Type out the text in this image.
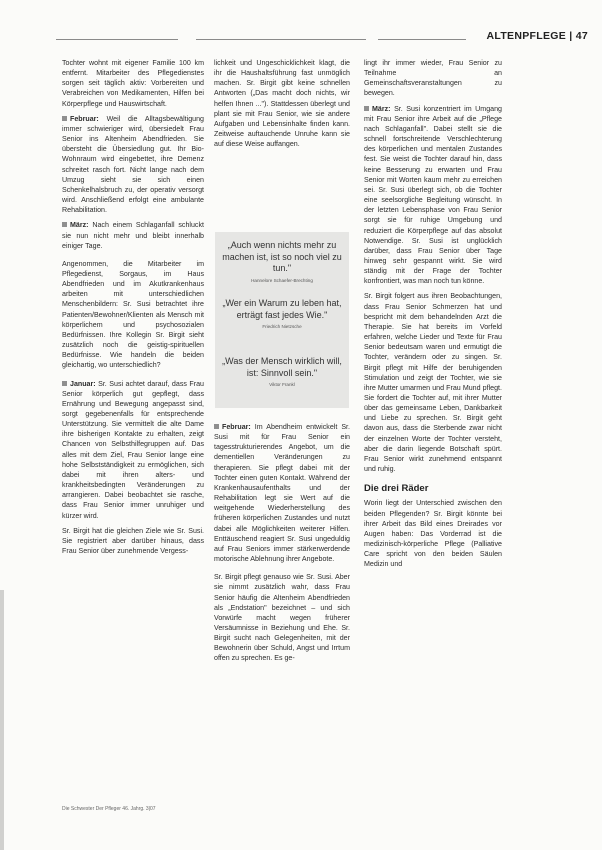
ALTENPFLEGE | 47

Tochter wohnt mit eigener Familie 100 km entfernt. Mitarbeiter des Pflegedienstes sorgen seit täglich aktiv: Vorbereiten und Verabreichen von Medikamenten, Hilfen bei Körperpflege und Hauswirtschaft.

Februar: Weil die Alltagsbewältigung immer schwieriger wird, übersiedelt Frau Senior ins Altenheim Abendfrieden. Sie übersteht die Übersiedlung gut. Ihr Bio-Wohnraum wird eingebettet, ihre Demenz schreitet rasch fort. Nicht lange nach dem Umzug sieht sie sich einen Schenkelhalsbruch zu, der operativ versorgt wird. Anschließend erfolgt eine ambulante Rehabilitation.

März: Nach einem Schlaganfall schluckt sie nun nicht mehr und bleibt innerhalb einiger Tage.

Angenommen, die Mitarbeiter im Pflegedienst, Sorgaus, im Haus Abendfrieden und im Akutkrankenhaus arbeiten mit unterschiedlichen Menschenbildern: Sr. Susi betrachtet ihre Patienten/Bewohner/Klienten als Mensch mit körperlichem und psychosozialen Bedürfnissen. Ihre Kollegin Sr. Birgit sieht zusätzlich noch die geistig-spirituellen Bedürfnisse. Wie handeln die beiden gleichartig, wo unterschiedlich?

Januar: Sr. Susi achtet darauf, dass Frau Senior körperlich gut gepflegt, dass Ernährung und Bewegung angepasst sind, sorgt gegebenenfalls für entsprechende Unterstützung. Sie vermittelt die alte Dame ihre bisherigen Kontakte zu erhalten, zeigt Chancen von Selbsthilfegruppen auf. Das alles mit dem Ziel, Frau Senior lange eine hohe Selbstständigkeit zu ermöglichen, sich dabei mit ihren alters- und krankheitsbedingten Veränderungen zu arrangieren. Dabei beobachtet sie rasche, dass Frau Senior immer unruhiger und kürzer wird.

Sr. Birgit hat die gleichen Ziele wie Sr. Susi. Sie registriert aber darüber hinaus, dass Frau Senior über zunehmende Vergess-

lichkeit und Ungeschicklichkeit klagt, die ihr die Haushaltsführung fast unmöglich machen. Sr. Birgit gibt keine schnellen Antworten („Das macht doch nichts, wir helfen Ihnen ..."). Stattdessen überlegt und plant sie mit Frau Senior, wie sie andere Aufgaben und Lebensinhalte finden kann. Zeitweise auftauchende Unruhe kann sie auf diese Weise auffangen.

„Auch wenn nichts mehr zu machen ist, ist so noch viel zu tun."
Hannelore Schaefer-Brechting
„Wer ein Warum zu leben hat, erträgt fast jedes Wie."
Friedrich Nietzsche
„Was der Mensch wirklich will, ist: Sinnvoll sein."
Viktor Frankl

Februar: Im Abendheim entwickelt Sr. Susi mit für Frau Senior ein tagesstrukturierendes Angebot, um die dementiellen Veränderungen zu therapieren. Sie pflegt dabei mit der Tochter einen guten Kontakt. Während der Krankenhausaufenthalts und der Rehabilitation legt sie Wert auf die weitgehende Wiederherstellung des früheren körperlichen Zustandes und nutzt dabei alle Möglichkeiten weiterer Hilfen. Enttäuschend reagiert Sr. Susi ungeduldig auf Frau Seniors immer stärkerwerdende motorische Ablehnung ihrer Angebote.

Sr. Birgit pflegt genauso wie Sr. Susi. Aber sie nimmt zusätzlich wahr, dass Frau Senior häufig die Altenheim Abendfrieden als „Endstation" bezeichnet – und sich Vorwürfe macht wegen früherer Versäumnisse in Beziehung und Ehe. Sr. Birgit sucht nach Gelegenheiten, mit der Bewohnerin über Schuld, Angst und Irrtum offen zu sprechen. Es ge-

lingt ihr immer wieder, Frau Senior zu Teilnahme an Gemeinschaftsveranstaltungen zu bewegen.

März: Sr. Susi konzentriert im Umgang mit Frau Senior ihre Arbeit auf die „Pflege nach Schlaganfall". Dabei stellt sie die schnell fortschreitende Verschlechterung des körperlichen und mentalen Zustandes fest. Sie weist die Tochter darauf hin, dass keine Besserung zu erwarten und Frau Senior mit Worten kaum mehr zu erreichen sei. Sr. Susi überlegt sich, ob die Tochter eine seelsorgliche Begleitung wünscht. In der letzten Lebensphase von Frau Senior sorgt sie für ruhige Umgebung und reduziert die Körperpflege auf das absolut Notwendige. Sr. Susi ist unglücklich darüber, dass Frau Senior über Tage hinweg sehr gespannt wirkt. Sie wird ständig mit der Frage der Tochter konfrontiert, was man noch tun könne.

Sr. Birgit folgert aus ihren Beobachtungen, dass Frau Senior Schmerzen hat und bespricht mit dem behandelnden Arzt die Therapie. Sie hat bereits im Vorfeld erfahren, welche Lieder und Texte für Frau Senior bedeutsam waren und ermutigt die Tochter, verändern oder zu singen. Sr. Birgit pflegt mit Hilfe der beruhigenden Stimulation und zeigt der Tochter, wie sie ihre Mutter umarmen und Frau Mund pflegt. Sie fordert die Tochter auf, mit ihrer Mutter über das gemeinsame Leben, Dankbarkeit und Liebe zu sprechen. Sr. Birgit geht davon aus, dass die Sterbende zwar nicht der einzelnen Worte der Tochter versteht, aber die darin liegende Botschaft spürt. Frau Senior wirkt zunehmend entspannt und ruhig.

Die drei Räder

Worin liegt der Unterschied zwischen den beiden Pflegenden? Sr. Birgit könnte bei ihrer Arbeit das Bild eines Dreirades vor Augen haben: Das Vorderrad ist die medizinisch-körperliche Pflege (Palliative Care spricht von den beiden Säulen Medizin und

Die Schwester Der Pfleger 46. Jahrg. 3|07
